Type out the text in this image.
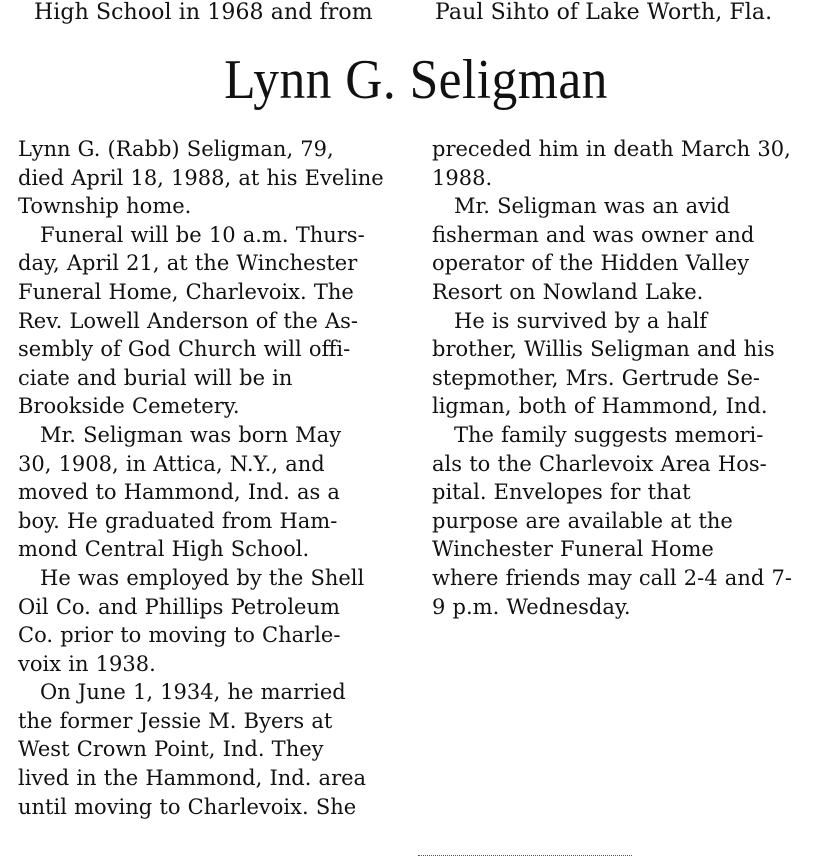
High School in 1968 and from	Paul Sihto of Lake Worth, Fla.

Lynn G. Seligman

Lynn G. (Rabb) Seligman, 79,
died April 18, 1988, at his Eveline
Township home.

Funeral will be 10 a.m. Thurs-
day, April 21, at the Winchester
Funeral Home, Charlevoix. The
Rev. Lowell Anderson of the As-
sembly of God Church will offi-
ciate and burial will be in
Brookside Cemetery.

Mr. Seligman was born May
30, 1908, in Attica, N.Y., and
moved to Hammond, Ind. as a
boy. He graduated from Ham-
mond Central High School.

He was employed by the Shell
Oil Co. and Phillips Petroleum
Co. prior to moving to Charle-
voix in 1938.

On June 1, 1934, he married
the former Jessie M. Byers at
West Crown Point, Ind. They
lived in the Hammond, Ind. area
until moving to Charlevoix. She

preceded him in death March 30,
1988.

Mr. Seligman was an avid
fisherman and was owner and
operator of the Hidden Valley
Resort on Nowland Lake.

He is survived by a half
brother, Willis Seligman and his
stepmother, Mrs. Gertrude Se-
ligman, both of Hammond, Ind.

The family suggests memori-
als to the Charlevoix Area Hos-
pital. Envelopes for that
purpose are available at the
Winchester Funeral Home
where friends may call 2-4 and 7-
9 p.m. Wednesday.
